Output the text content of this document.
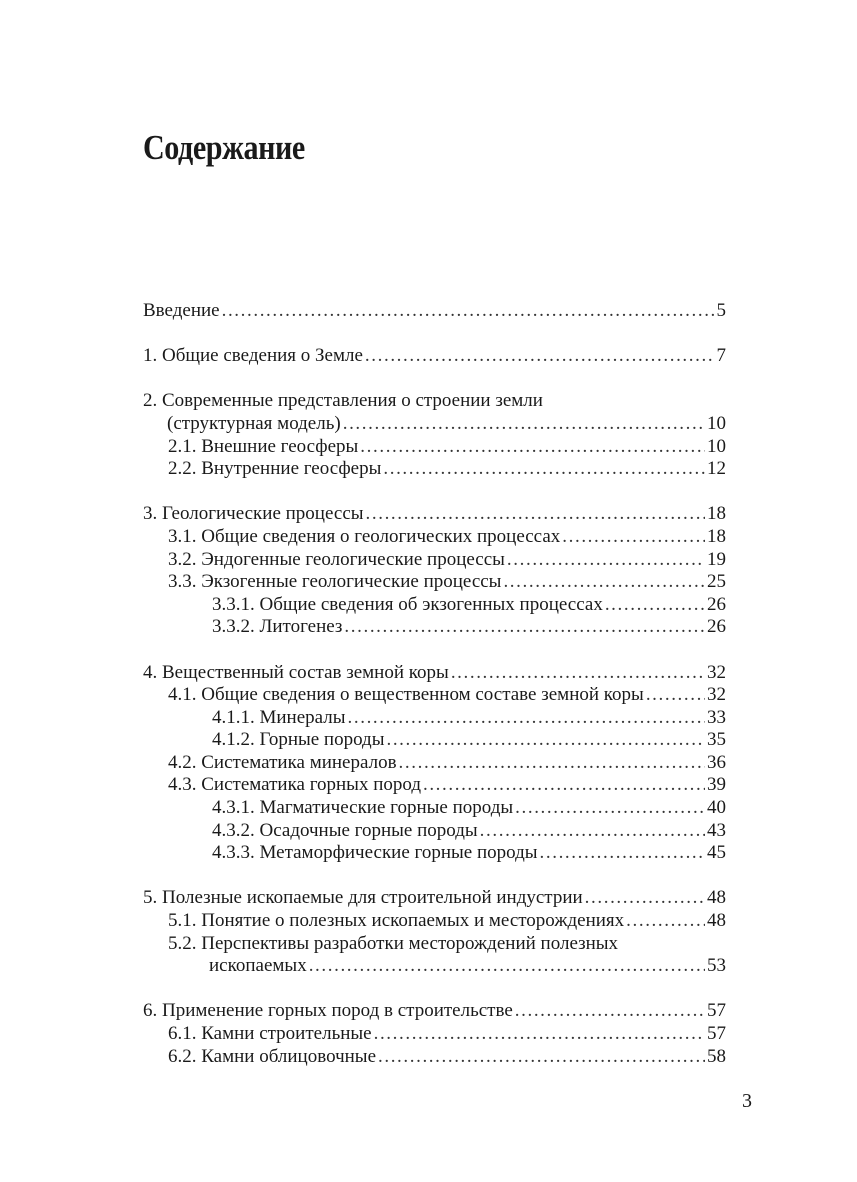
Содержание
Введение .....	5
1. Общие сведения о Земле .....	7
2. Современные представления о строении земли
(структурная модель) .....	10
2.1. Внешние геосферы .....	10
2.2. Внутренние геосферы .....	12
3. Геологические процессы .....	18
3.1. Общие сведения о геологических процессах .....	18
3.2. Эндогенные геологические процессы .....	19
3.3. Экзогенные геологические процессы .....	25
3.3.1. Общие сведения об экзогенных процессах .....	26
3.3.2. Литогенез .....	26
4. Вещественный состав земной коры .....	32
4.1. Общие сведения о вещественном составе земной коры .....	32
4.1.1. Минералы .....	33
4.1.2. Горные породы .....	35
4.2. Систематика минералов .....	36
4.3. Систематика горных пород .....	39
4.3.1. Магматические горные породы .....	40
4.3.2. Осадочные горные породы .....	43
4.3.3. Метаморфические горные породы .....	45
5. Полезные ископаемые для строительной индустрии .....	48
5.1. Понятие о полезных ископаемых и месторождениях .....	48
5.2. Перспективы разработки месторождений полезных
ископаемых .....	53
6. Применение горных пород в строительстве .....	57
6.1. Камни строительные .....	57
6.2. Камни облицовочные .....	58
3
